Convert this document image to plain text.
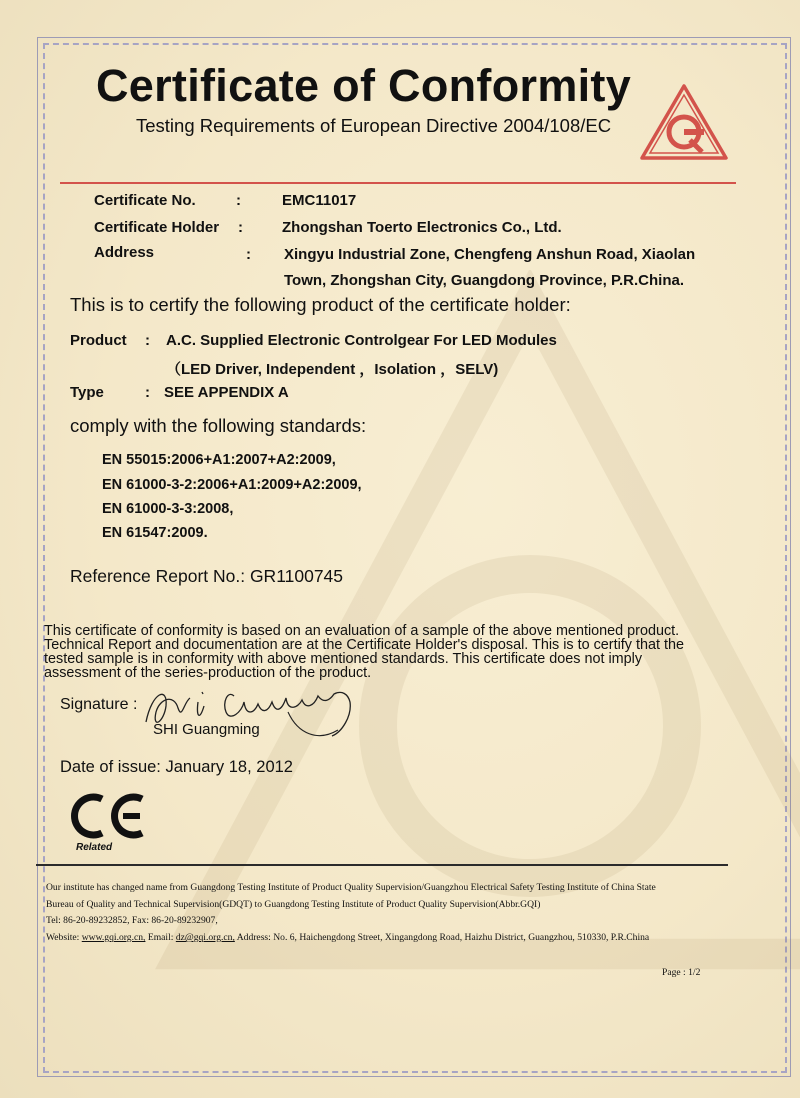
Certificate of Conformity
Testing Requirements of European Directive 2004/108/EC
Certificate No.	:	EMC11017
Certificate Holder :	Zhongshan Toerto Electronics Co., Ltd.
Address	: Xingyu Industrial Zone, Chengfeng Anshun Road, Xiaolan
Town, Zhongshan City, Guangdong Province, P.R.China.
This is to certify the following product of the certificate holder:
Product : A.C. Supplied Electronic Controlgear For LED Modules
（LED Driver, Independent ，Isolation ，SELV)
Type	: SEE APPENDIX A
comply with the following standards:
EN 55015:2006+A1:2007+A2:2009,
EN 61000-3-2:2006+A1:2009+A2:2009,
EN 61000-3-3:2008,
EN 61547:2009.
Reference Report No.: GR1100745
This certificate of conformity is based on an evaluation of a sample of the above mentioned product.
Technical Report and documentation are at the Certificate Holder's disposal. This is to certify that the
tested sample is in conformity with above mentioned standards. This certificate does not imply
assessment of the series-production of the product.
Signature :
SHI Guangming
Date of issue: January 18, 2012
Related
Our institute has changed name from Guangdong Testing Institute of Product Quality Supervision/Guangzhou Electrical Safety Testing Institute of China State
Bureau of Quality and Technical Supervision(GDQT) to Guangdong Testing Institute of Product Quality Supervision(Abbr.GQI)
Tel: 86-20-89232852, Fax: 86-20-89232907,
Website: www.gqi.org.cn, Email: dz@gqi.org.cn, Address: No. 6, Haichengdong Street, Xingangdong Road, Haizhu District, Guangzhou, 510330, P.R.China
Page : 1/2
